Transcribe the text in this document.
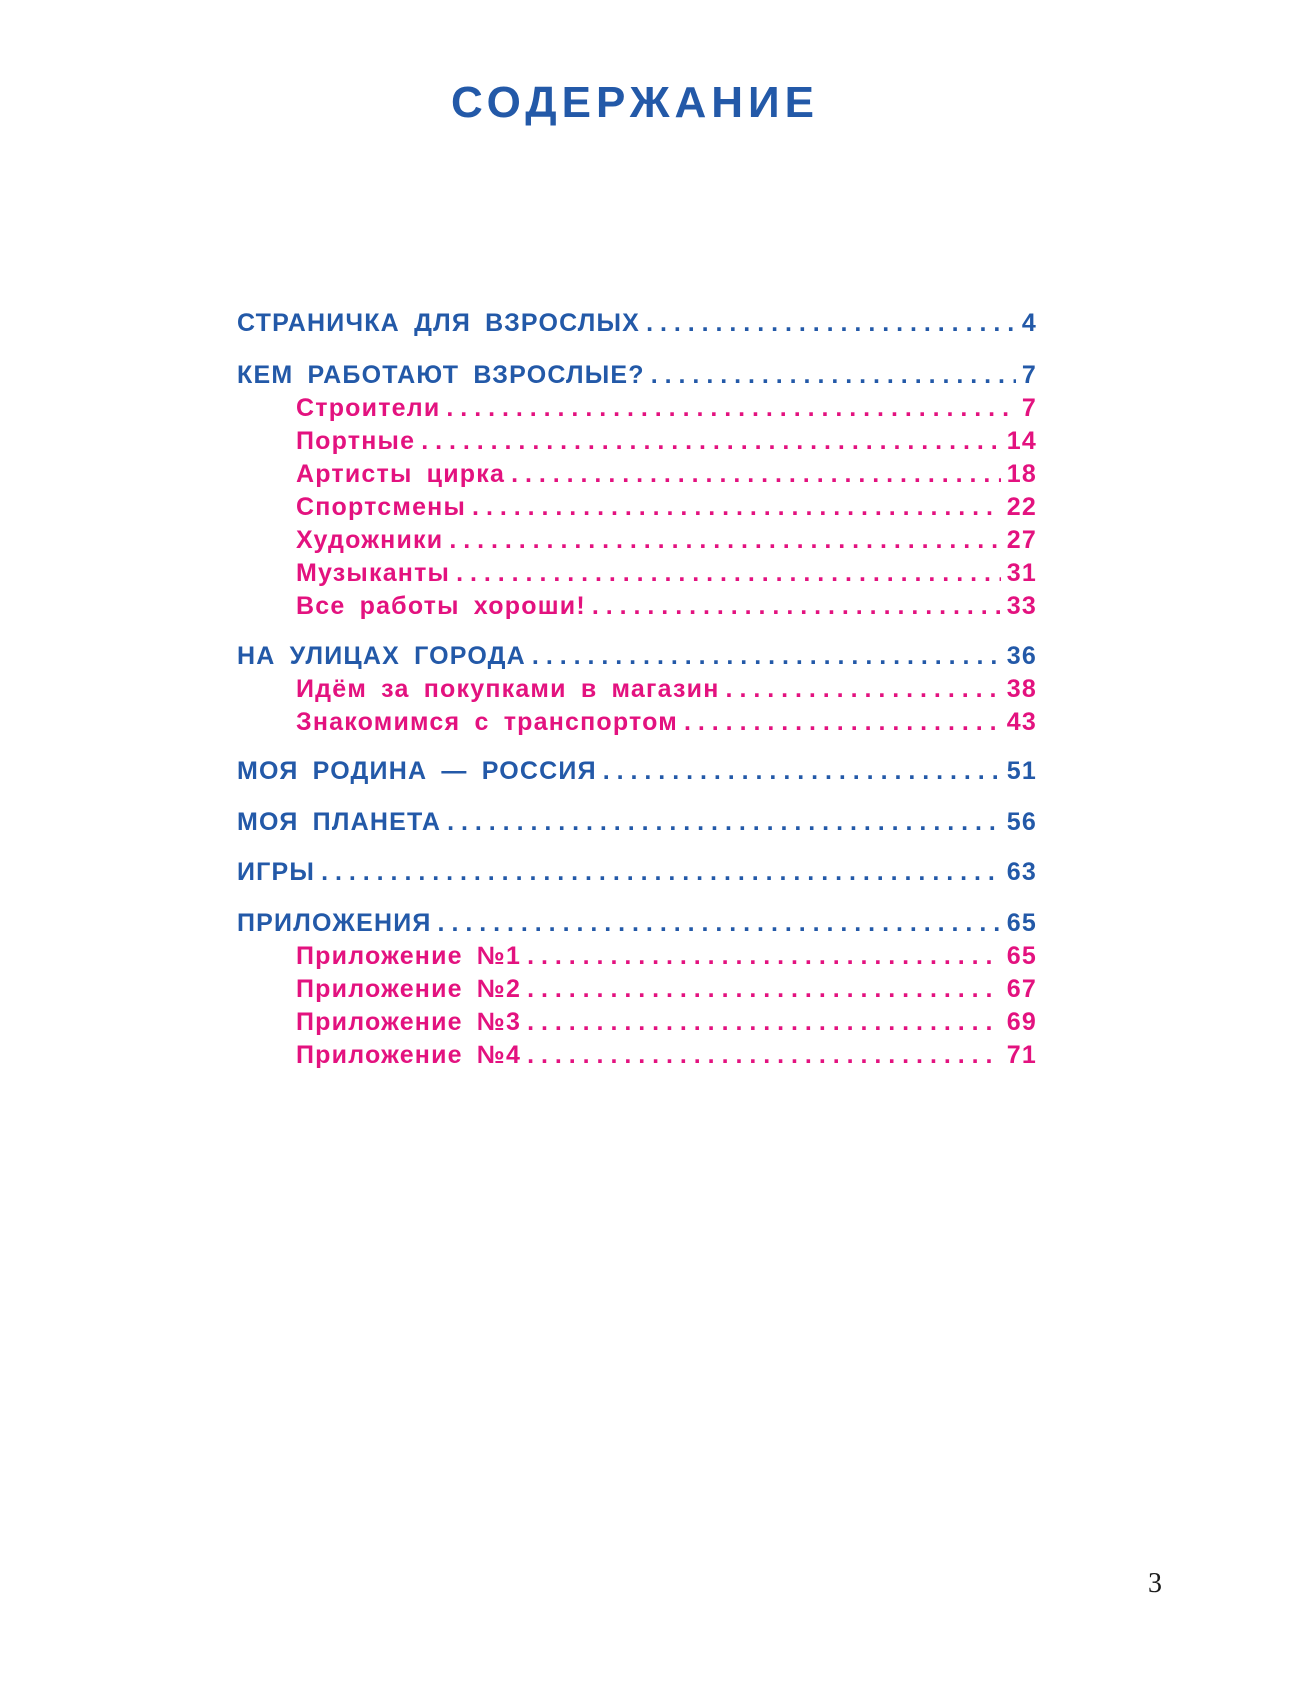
СОДЕРЖАНИЕ
СТРАНИЧКА ДЛЯ ВЗРОСЛЫХ . . .	4
КЕМ РАБОТАЮТ ВЗРОСЛЫЕ? . . .	7
Строители . . .	7
Портные . . .	14
Артисты цирка . . .	18
Спортсмены . . .	22
Художники . . .	27
Музыканты . . .	31
Все работы хороши! . . .	33
НА УЛИЦАХ ГОРОДА . . .	36
Идём за покупками в магазин . . .	38
Знакомимся с транспортом . . .	43
МОЯ РОДИНА — РОССИЯ . . .	51
МОЯ ПЛАНЕТА . . .	56
ИГРЫ . . .	63
ПРИЛОЖЕНИЯ . . .	65
Приложение №1 . . .	65
Приложение №2 . . .	67
Приложение №3 . . .	69
Приложение №4 . . .	71
3
